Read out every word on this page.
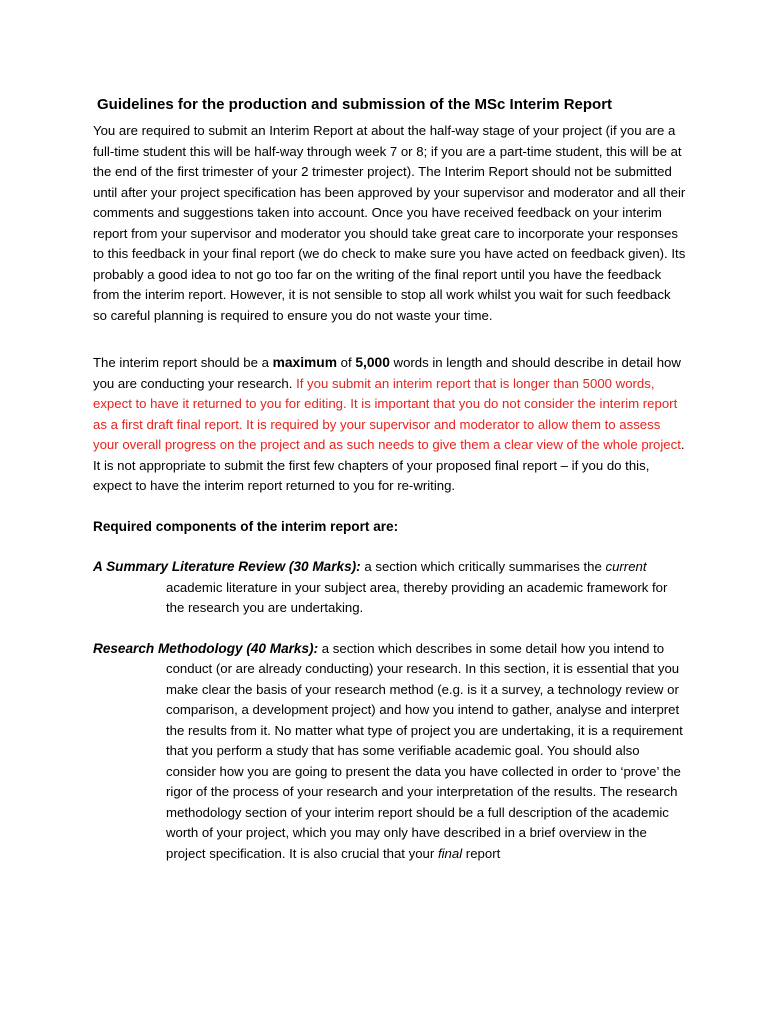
Guidelines for the production and submission of the MSc Interim Report

You are required to submit an Interim Report at about the half-way stage of your project (if you are a full-time student this will be half-way through week 7 or 8; if you are a part-time student, this will be at the end of the first trimester of your 2 trimester project). The Interim Report should not be submitted until after your project specification has been approved by your supervisor and moderator and all their comments and suggestions taken into account. Once you have received feedback on your interim report from your supervisor and moderator you should take great care to incorporate your responses to this feedback in your final report (we do check to make sure you have acted on feedback given). Its probably a good idea to not go too far on the writing of the final report until you have the feedback from the interim report. However, it is not sensible to stop all work whilst you wait for such feedback so careful planning is required to ensure you do not waste your time.

The interim report should be a maximum of 5,000 words in length and should describe in detail how you are conducting your research. If you submit an interim report that is longer than 5000 words, expect to have it returned to you for editing. It is important that you do not consider the interim report as a first draft final report. It is required by your supervisor and moderator to allow them to assess your overall progress on the project and as such needs to give them a clear view of the whole project. It is not appropriate to submit the first few chapters of your proposed final report – if you do this, expect to have the interim report returned to you for re-writing.

Required components of the interim report are:

A Summary Literature Review (30 Marks): a section which critically summarises the current academic literature in your subject area, thereby providing an academic framework for the research you are undertaking.

Research Methodology (40 Marks): a section which describes in some detail how you intend to conduct (or are already conducting) your research. In this section, it is essential that you make clear the basis of your research method (e.g. is it a survey, a technology review or comparison, a development project) and how you intend to gather, analyse and interpret the results from it. No matter what type of project you are undertaking, it is a requirement that you perform a study that has some verifiable academic goal. You should also consider how you are going to present the data you have collected in order to ‘prove’ the rigor of the process of your research and your interpretation of the results. The research methodology section of your interim report should be a full description of the academic worth of your project, which you may only have described in a brief overview in the project specification. It is also crucial that your final report
